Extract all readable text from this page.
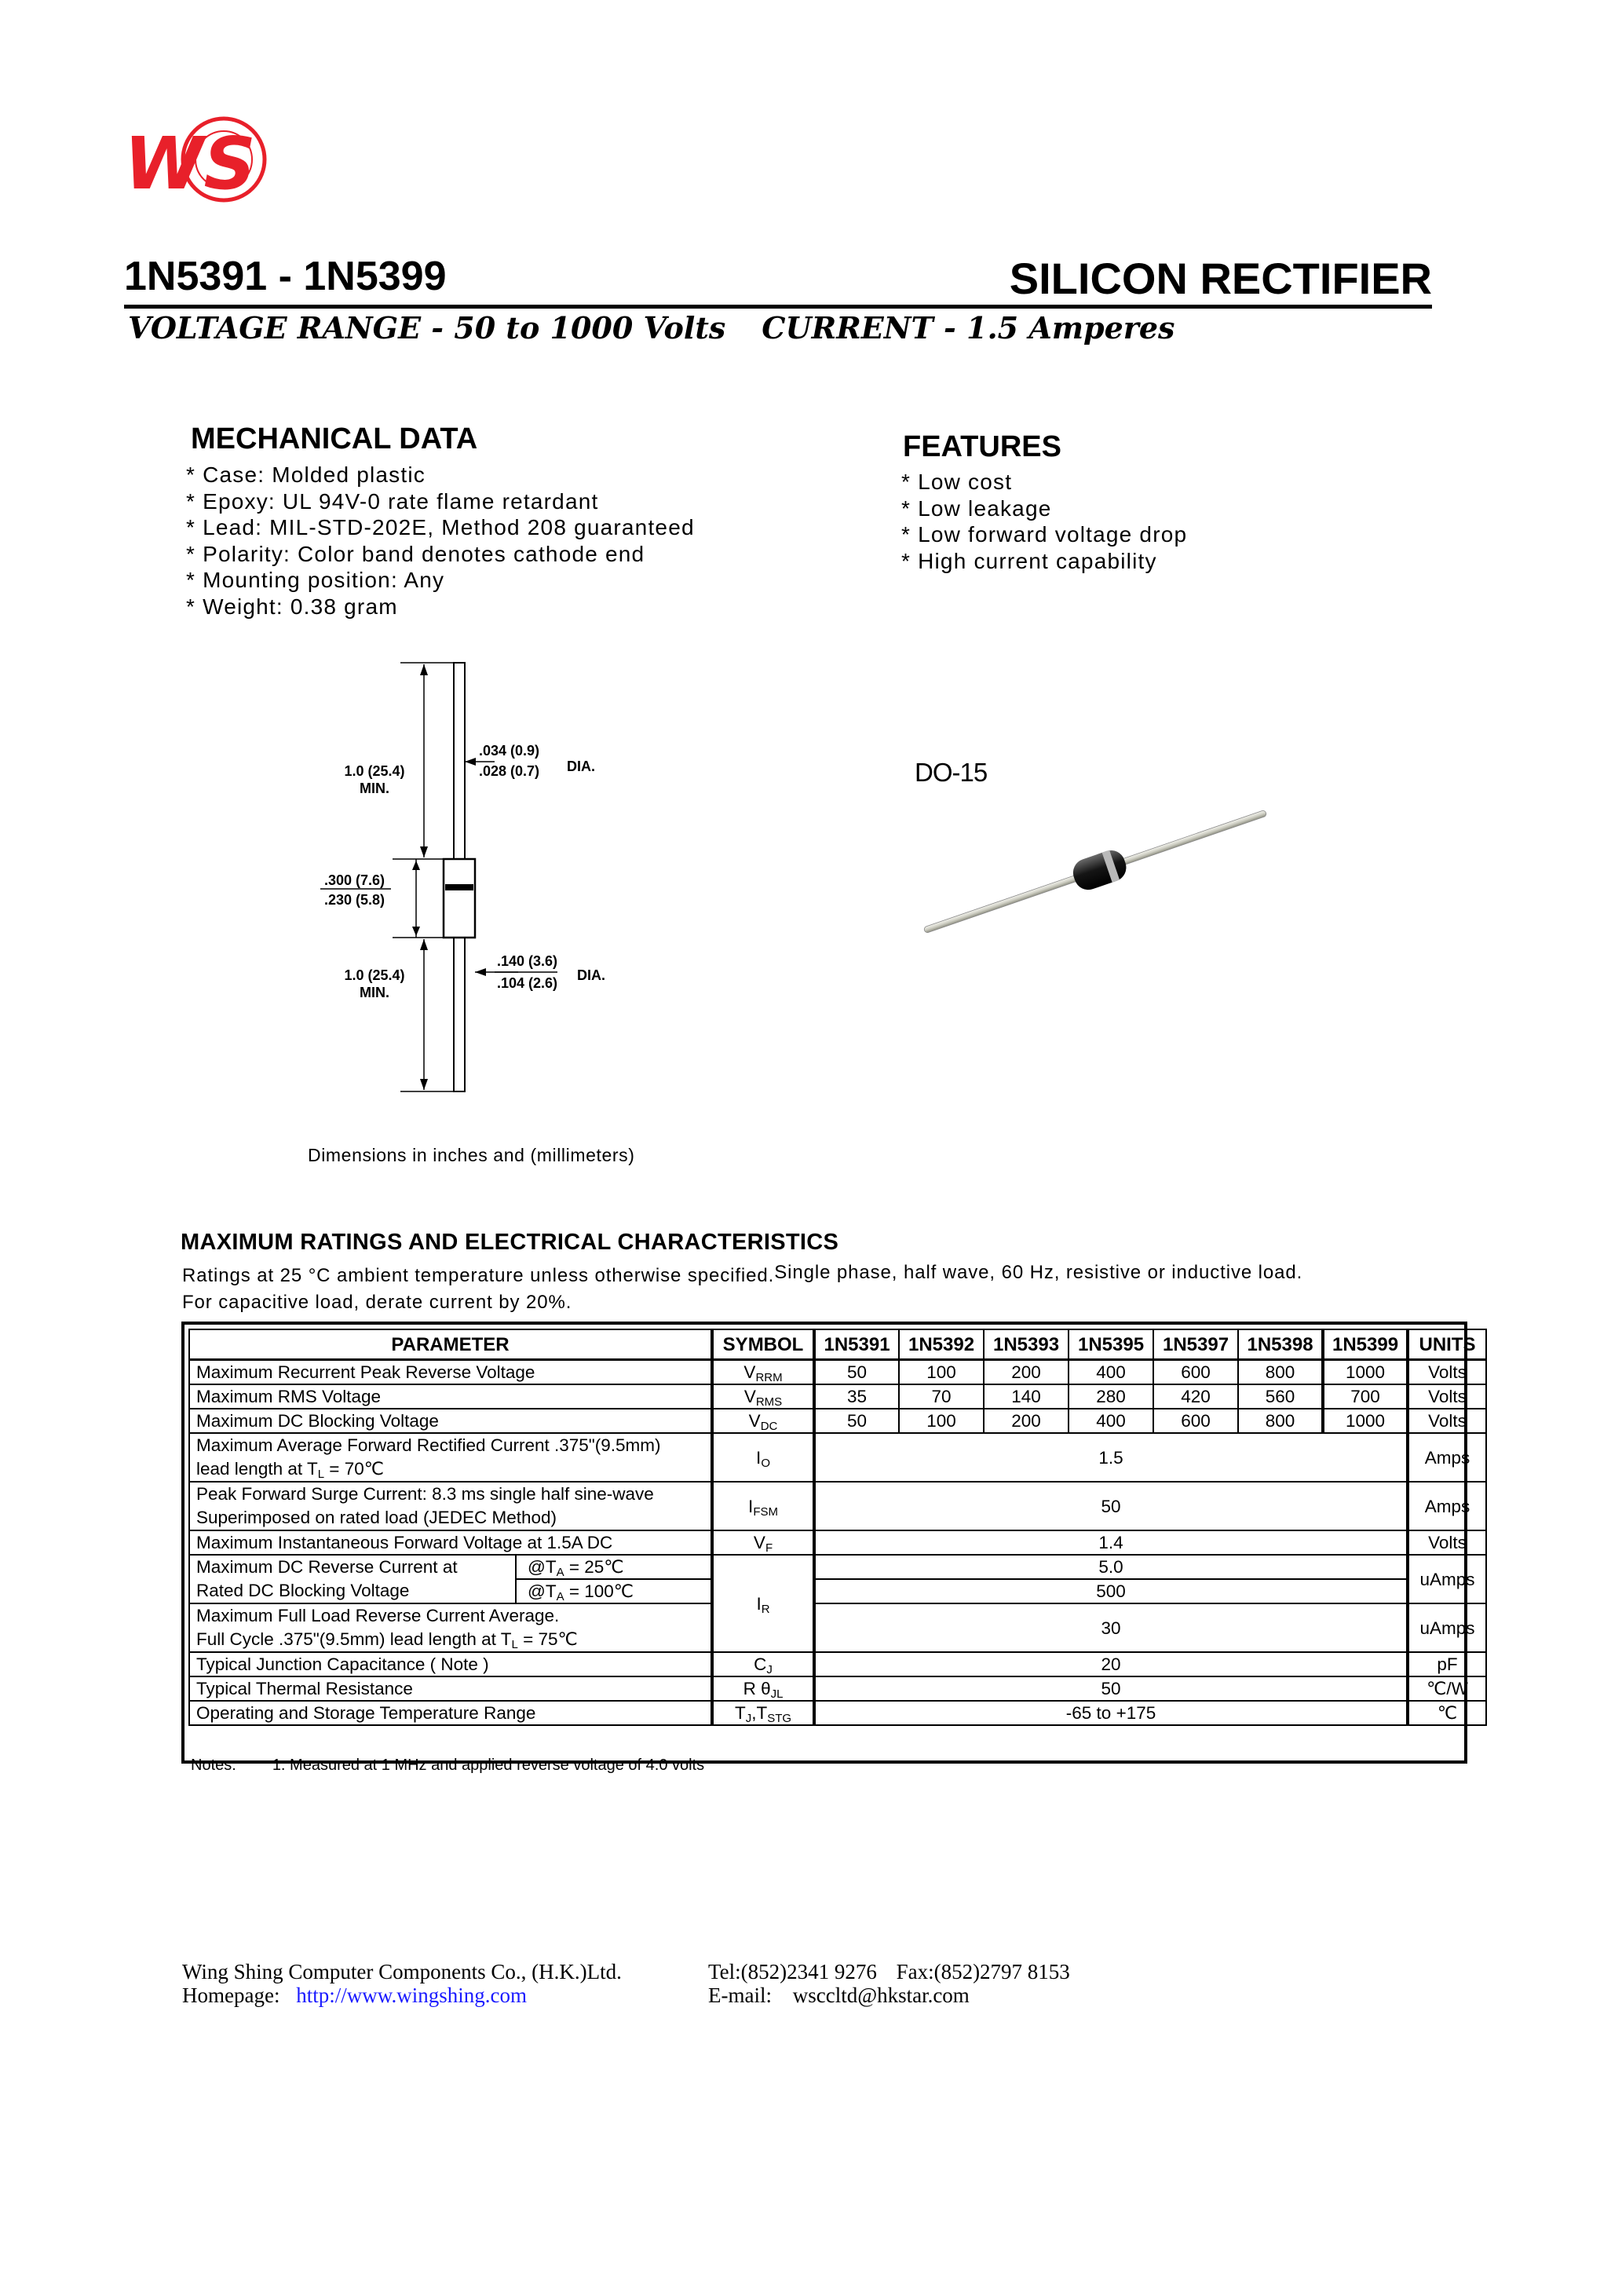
WS
1N5391 - 1N5399	SILICON RECTIFIER
VOLTAGE RANGE - 50 to 1000 Volts CURRENT - 1.5 Amperes
MECHANICAL DATA
* Case: Molded plastic
* Epoxy: UL 94V-0 rate flame retardant
* Lead: MIL-STD-202E, Method 208 guaranteed
* Polarity: Color band denotes cathode end
* Mounting position: Any
* Weight: 0.38 gram
FEATURES
* Low cost
* Low leakage
* Low forward voltage drop
* High current capability
1.0 (25.4)
MIN.
.034 (0.9)
.028 (0.7) DIA.
.300 (7.6)
.230 (5.8)
.140 (3.6)
.104 (2.6) DIA.
1.0 (25.4)
MIN.
Dimensions in inches and (millimeters)
DO-15
MAXIMUM RATINGS AND ELECTRICAL CHARACTERISTICS
Ratings at 25 °C ambient temperature unless otherwise specified.Single phase, half wave, 60 Hz, resistive or inductive load.
For capacitive load, derate current by 20%.
PARAMETER		SYMBOL	1N5391	1N5392	1N5393	1N5395	1N5397	1N5398	1N5399	UNITS
Maximum Recurrent Peak Reverse Voltage		$V_{RRM}$	50	100	200	400	600	800	1000	Volts
Maximum RMS Voltage		$V_{RMS}$	35	70	140	280	420	560	700	Volts
Maximum DC Blocking Voltage		$V_{DC}$	50	100	200	400	600	800	1000	Volts

Maximum Average Forward Rectified Current .375"(9.5mm)
lead length at $T_L$ = 70℃		$I_O$	1.5							Amps

Peak Forward Surge Current: 8.3 ms single half sine-wave
Superimposed on rated load (JEDEC Method)		$I_{FSM}$	50							Amps
Maximum Instantaneous Forward Voltage at 1.5A DC		$V_F$	1.4							Volts

Maximum DC Reverse Current at
Rated DC Blocking Voltage	$@T_A$ = 25℃	$I_R$	5.0							uAmps
	$@T_A$ = 100℃		500							

Maximum Full Load Reverse Current Average.
Full Cycle .375"(9.5mm) lead length at $T_L$ = 75℃			30							uAmps
Typical Junction Capacitance ( Note )		$C_J$	20							pF
Typical Thermal Resistance		R $\theta_{JL}$	50							℃/W
Operating and Storage Temperature Range		$T_J,T_{STG}$	-65 to +175							℃
Notes: 1. Measured at 1 MHz and applied reverse voltage of 4.0 volts
Wing Shing Computer Components Co., (H.K.)Ltd.
Homepage: http://www.wingshing.com
Tel:(852)2341 9276 Fax:(852)2797 8153
E-mail: wsccltd@hkstar.com
